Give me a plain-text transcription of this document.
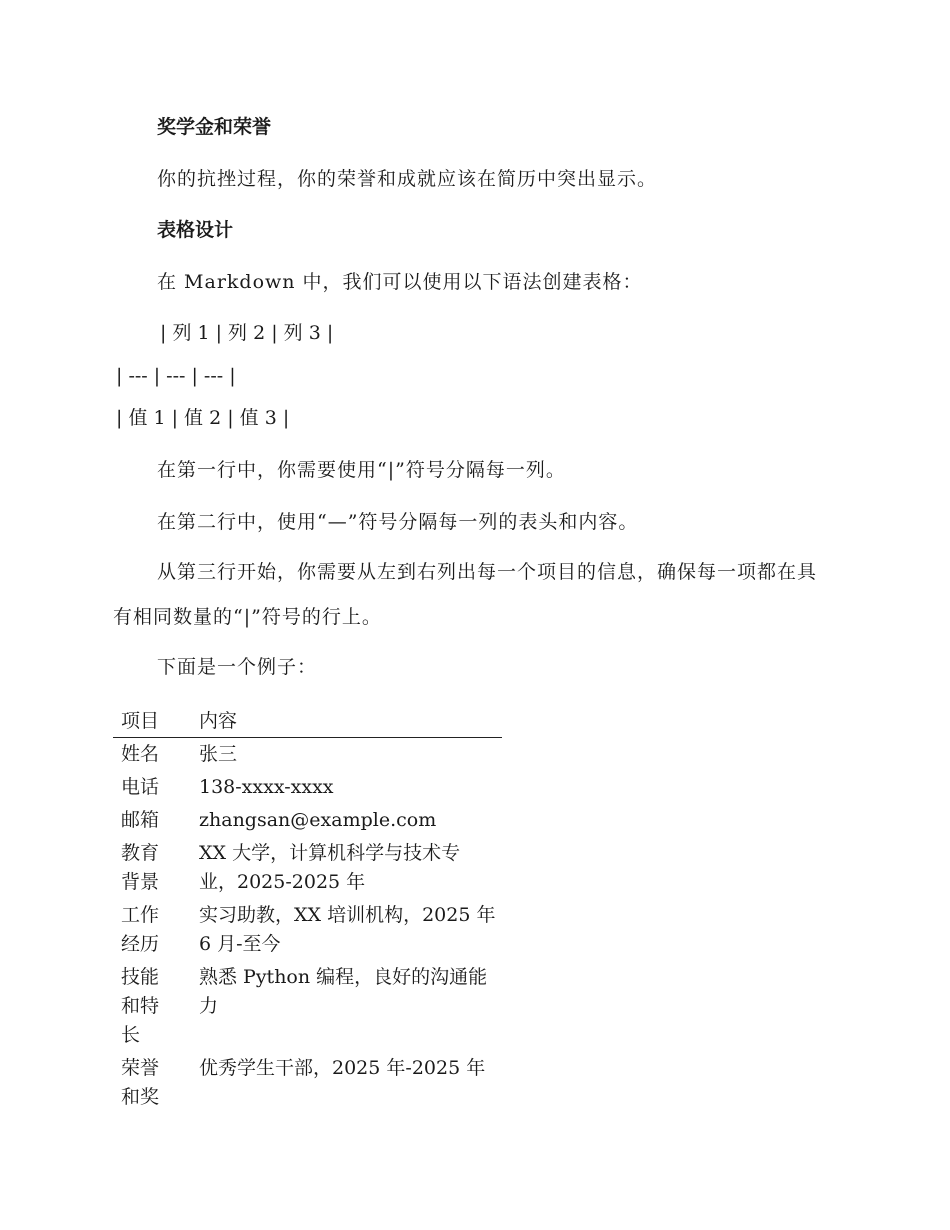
奖学金和荣誉
你的抗挫过程，你的荣誉和成就应该在简历中突出显示。
表格设计
在 Markdown 中，我们可以使用以下语法创建表格：
| 列 1 | 列 2 | 列 3 |
| --- | --- | --- |
| 值 1 | 值 2 | 值 3 |
在第一行中，你需要使用“|”符号分隔每一列。
在第二行中，使用“—”符号分隔每一列的表头和内容。
从第三行开始，你需要从左到右列出每一个项目的信息，确保每一项都在具有相同数量的“|”符号的行上。
下面是一个例子：
项目	内容
姓名	张三
电话	138-xxxx-xxxx
邮箱	zhangsan@example.com
教育背景	XX 大学，计算机科学与技术专业，2025-2025 年
工作经历	实习助教，XX 培训机构，2025 年 6 月-至今
技能和特长	熟悉 Python 编程，良好的沟通能力
荣誉和奖	优秀学生干部，2025 年-2025 年
